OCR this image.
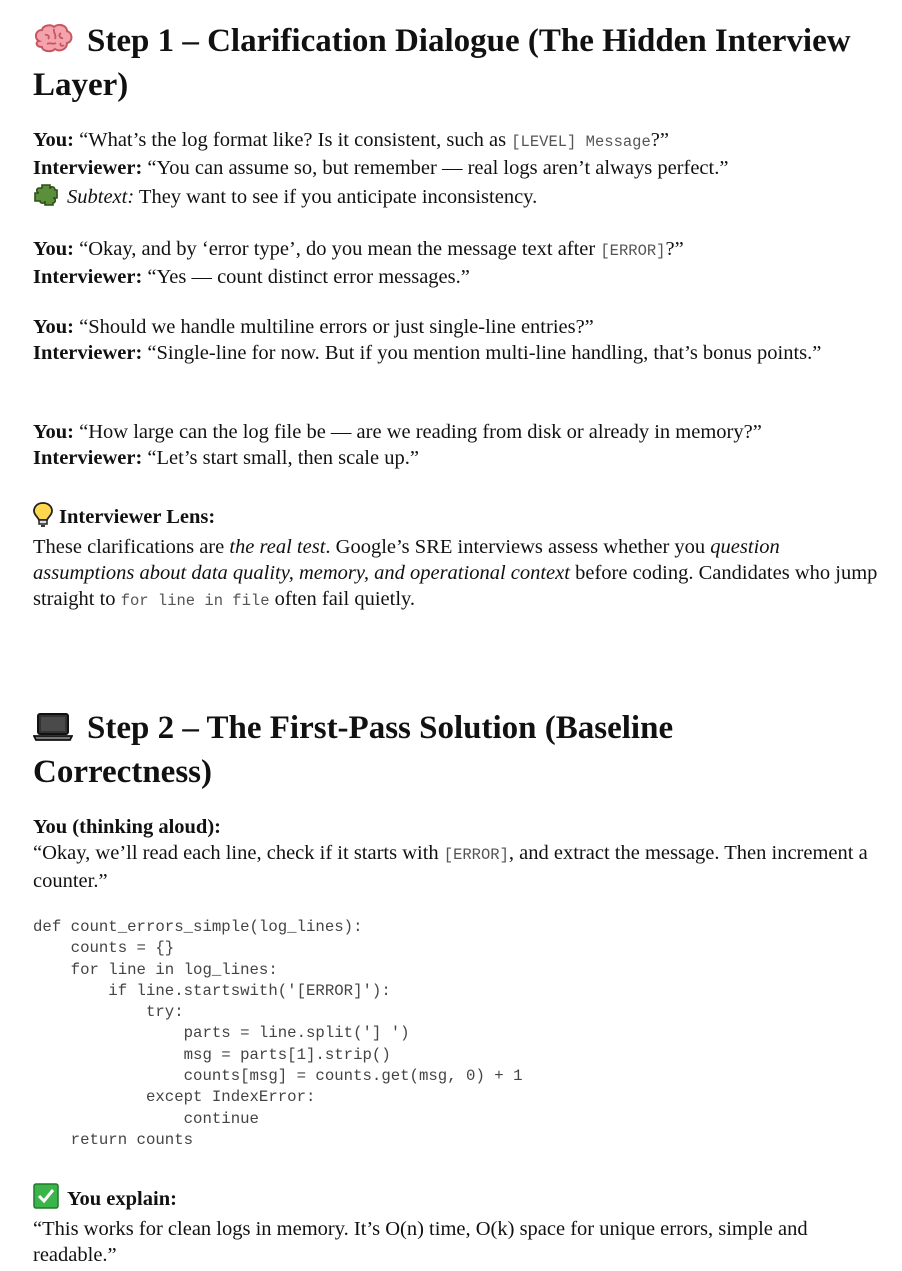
Step 1 – Clarification Dialogue (The Hidden Interview Layer)

You: “What’s the log format like? Is it consistent, such as [LEVEL] Message?”

Interviewer: “You can assume so, but remember — real logs aren’t always perfect.”

Subtext: They want to see if you anticipate inconsistency.

You: “Okay, and by ‘error type’, do you mean the message text after [ERROR]?”

Interviewer: “Yes — count distinct error messages.”

You: “Should we handle multiline errors or just single-line entries?”

Interviewer: “Single-line for now. But if you mention multi-line handling, that’s bonus points.”

You: “How large can the log file be — are we reading from disk or already in memory?”

Interviewer: “Let’s start small, then scale up.”

Interviewer Lens:

These clarifications are the real test. Google’s SRE interviews assess whether you question assumptions about data quality, memory, and operational context before coding. Candidates who jump straight to for line in file often fail quietly.

Step 2 – The First-Pass Solution (Baseline Correctness)

You (thinking aloud):

“Okay, we’ll read each line, check if it starts with [ERROR], and extract the message. Then increment a counter.”

def count_errors_simple(log_lines):
counts = {}
for line in log_lines:
if line.startswith('[ERROR]'):
try:
parts = line.split('] ')
msg = parts[1].strip()
counts[msg] = counts.get(msg, 0) + 1
except IndexError:
continue
return counts

You explain:

“This works for clean logs in memory. It’s O(n) time, O(k) space for unique errors, simple and readable.”
